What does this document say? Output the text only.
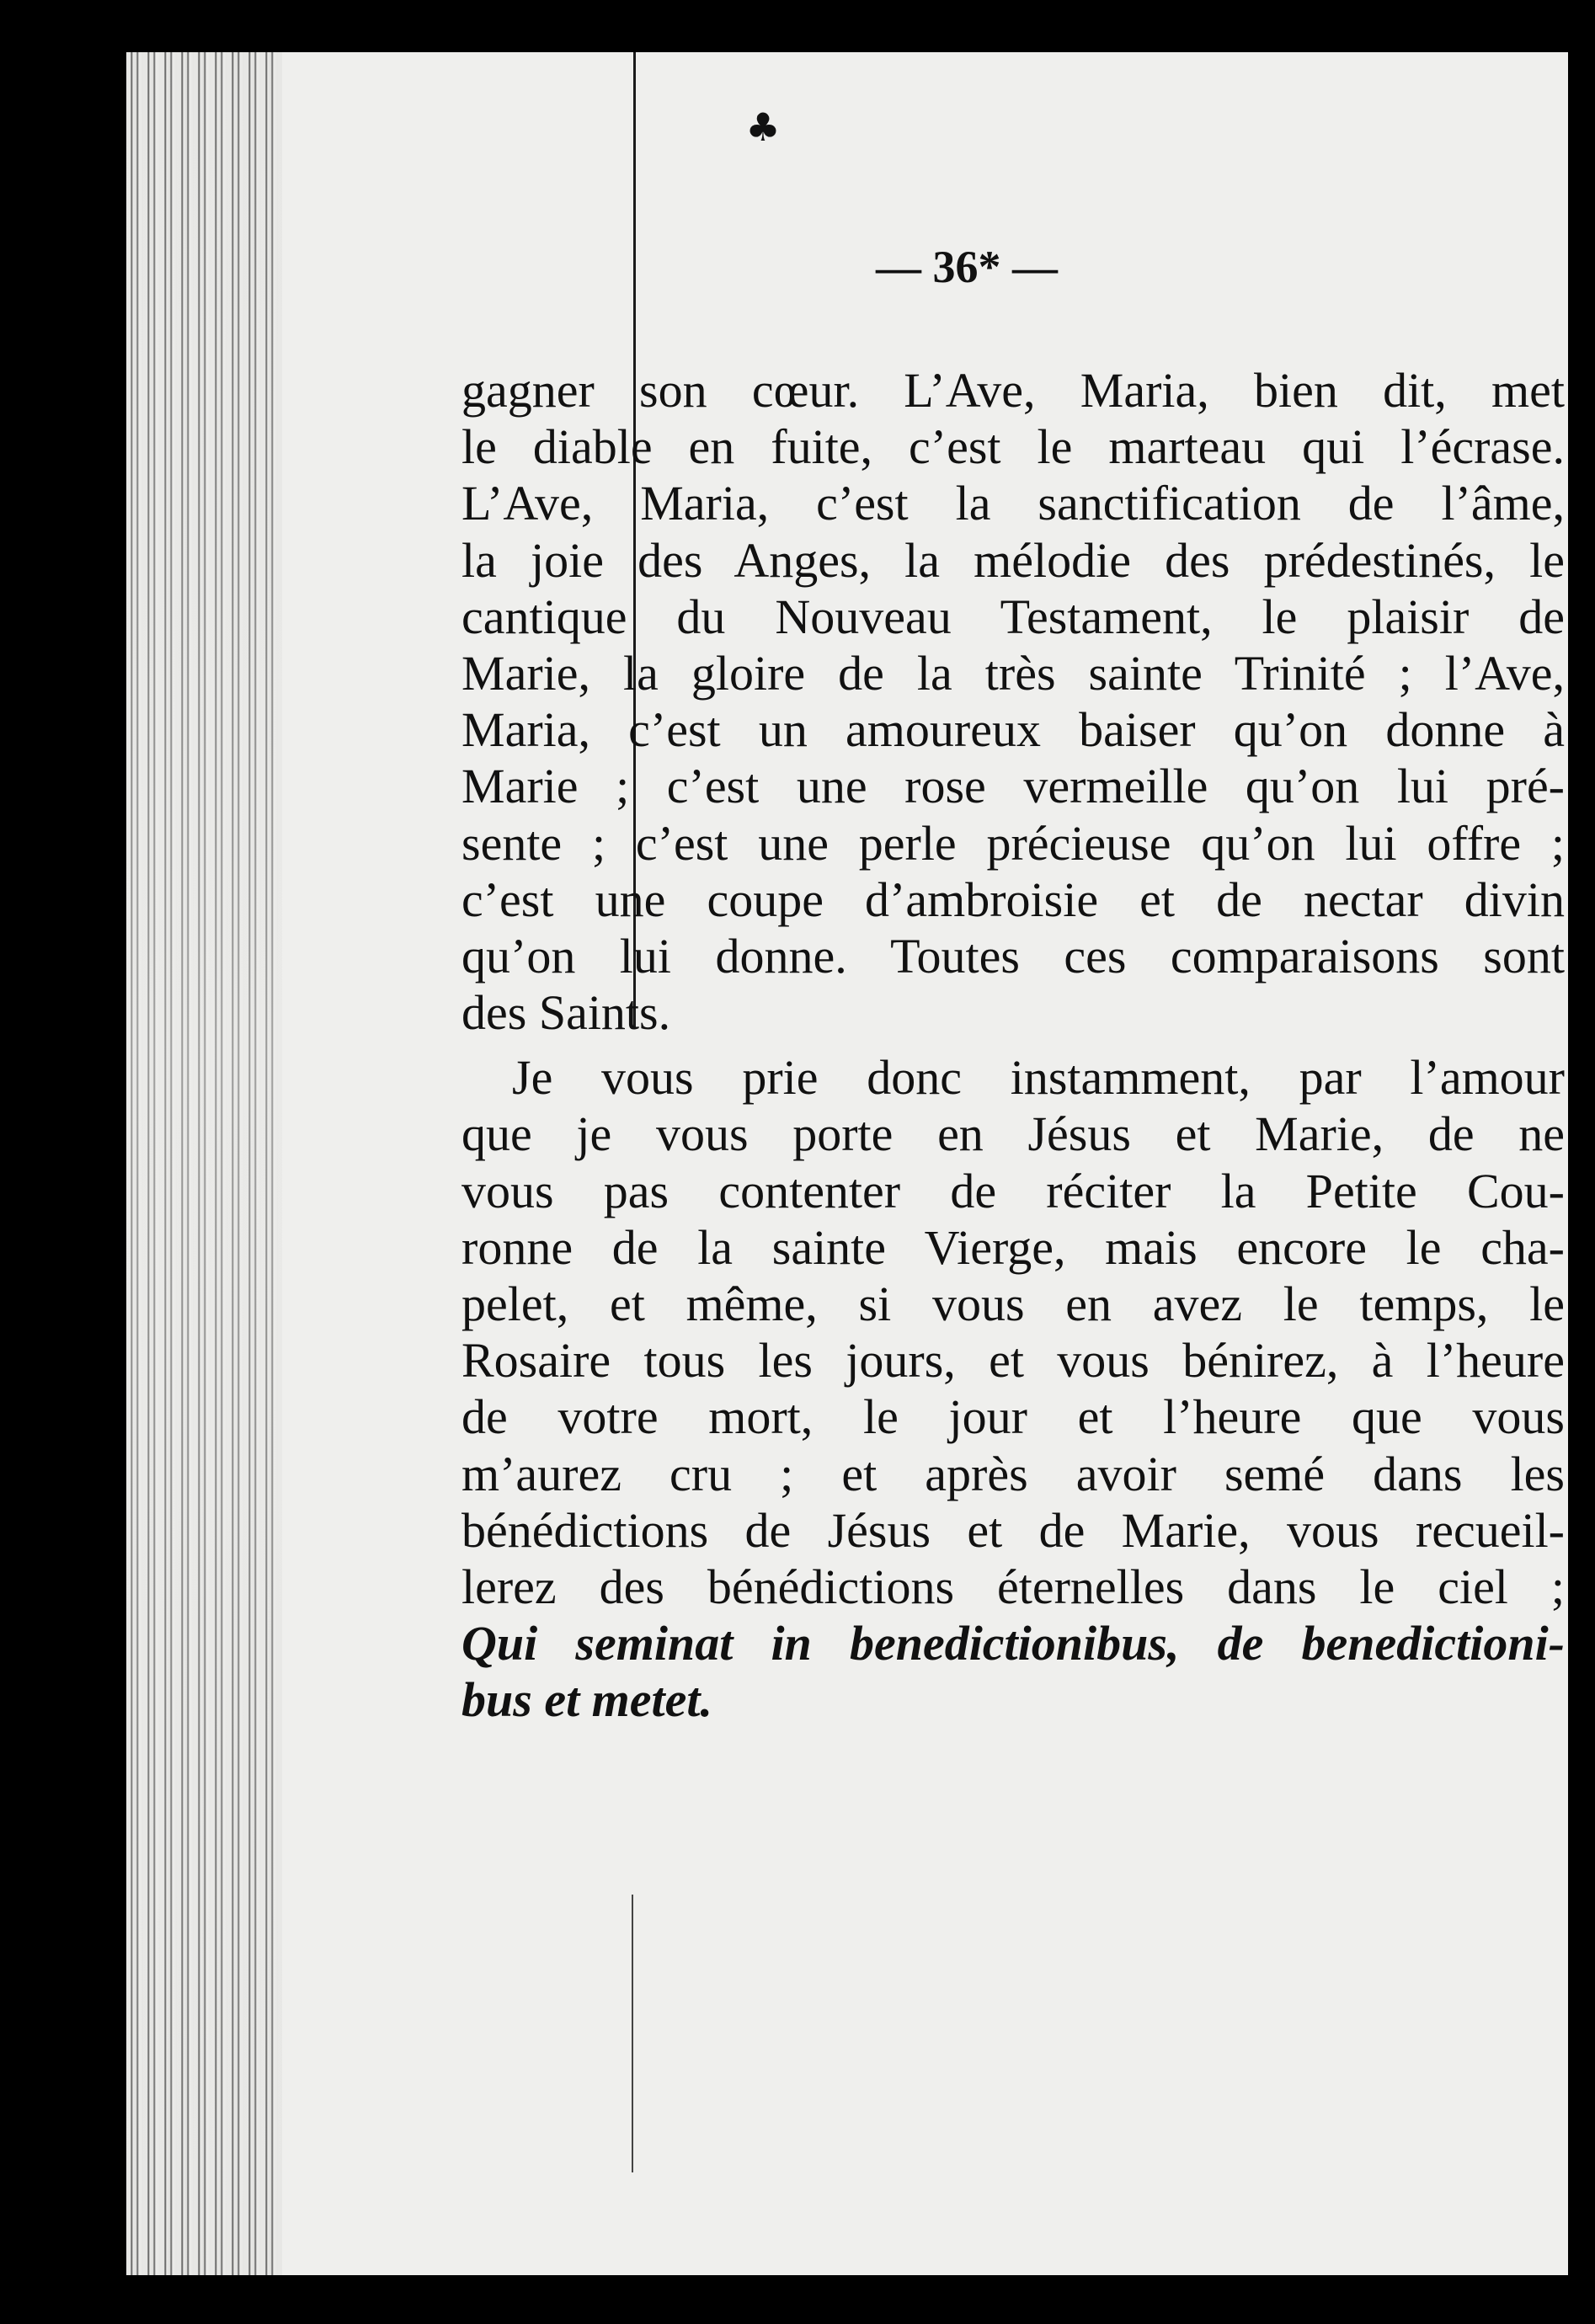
♣
— 36* —

gagner son cœur. L’Ave, Maria, bien dit, met
le diable en fuite, c’est le marteau qui l’écrase.
L’Ave, Maria, c’est la sanctification de l’âme,
la joie des Anges, la mélodie des prédestinés, le
cantique du Nouveau Testament, le plaisir de
Marie, la gloire de la très sainte Trinité ; l’Ave,
Maria, c’est un amoureux baiser qu’on donne à
Marie ; c’est une rose vermeille qu’on lui pré-
sente ; c’est une perle précieuse qu’on lui offre ;
c’est une coupe d’ambroisie et de nectar divin
qu’on lui donne. Toutes ces comparaisons sont
des Saints.

Je vous prie donc instamment, par l’amour
que je vous porte en Jésus et Marie, de ne
vous pas contenter de réciter la Petite Cou-
ronne de la sainte Vierge, mais encore le cha-
pelet, et même, si vous en avez le temps, le
Rosaire tous les jours, et vous bénirez, à l’heure
de votre mort, le jour et l’heure que vous
m’aurez cru ; et après avoir semé dans les
bénédictions de Jésus et de Marie, vous recueil-
lerez des bénédictions éternelles dans le ciel ;
Qui seminat in benedictionibus, de benedictioni-
bus et metet.
